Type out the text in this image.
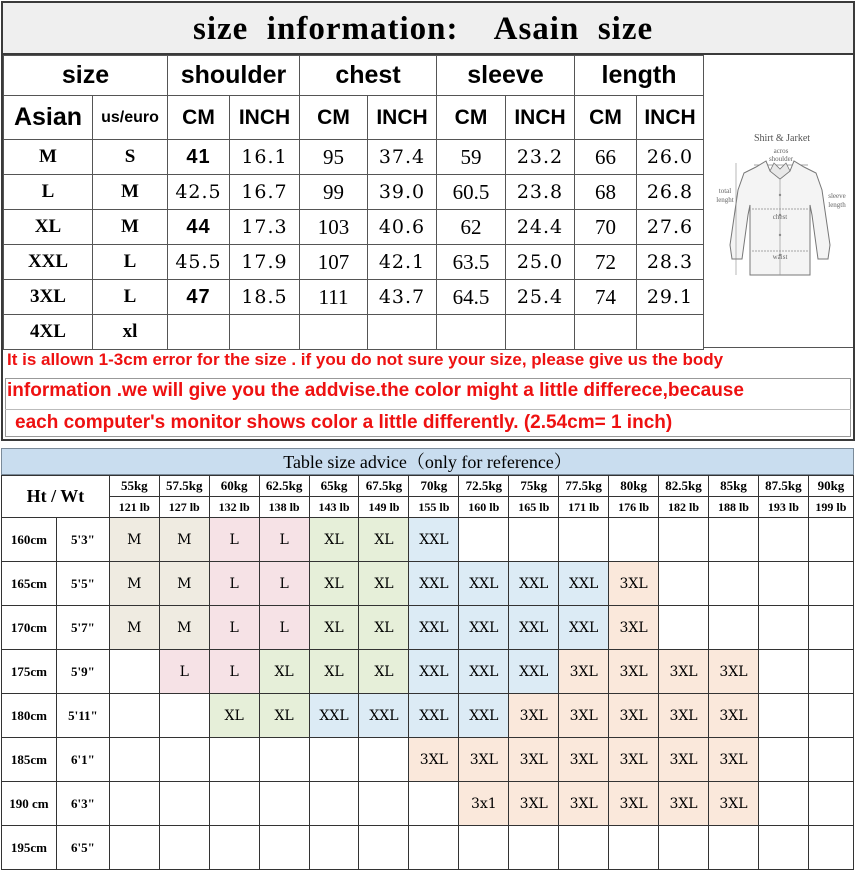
size  information:    Asain  size
size		shoulder		chest		sleeve		length	
Asian	us/euro	CM	INCH	CM	INCH	CM	INCH	CM	INCH
M	S	41	16.1	95	37.4	59	23.2	66	26.0
L	M	42.5	16.7	99	39.0	60.5	23.8	68	26.8
XL	M	44	17.3	103	40.6	62	24.4	70	27.6
XXL	L	45.5	17.9	107	42.1	63.5	25.0	72	28.3
3XL	L	47	18.5	111	43.7	64.5	25.4	74	29.1
4XL	xl								
Shirt & Jarket
acros
shoulder
chest
waist
total
lenght	sleeve
length
It is allown 1-3cm error for the size . if you do not sure your size, please give us the body
information .we will give you the addvise.the color might a little differece,because
each computer's monitor shows color a little differently. (2.54cm= 1 inch)
Table size advice（only for reference）
Ht / Wt		55kg	57.5kg	60kg	62.5kg	65kg	67.5kg	70kg	72.5kg	75kg	77.5kg	80kg	82.5kg	85kg	87.5kg	90kg
		121 lb	127 lb	132 lb	138 lb	143 lb	149 lb	155 lb	160 lb	165 lb	171 lb	176 lb	182 lb	188 lb	193 lb	199 lb
160cm	5'3"	M	M	L	L	XL	XL	XXL								
165cm	5'5"	M	M	L	L	XL	XL	XXL	XXL	XXL	XXL	3XL				
170cm	5'7"	M	M	L	L	XL	XL	XXL	XXL	XXL	XXL	3XL				
175cm	5'9"		L	L	XL	XL	XL	XXL	XXL	XXL	3XL	3XL	3XL	3XL		
180cm	5'11"			XL	XL	XXL	XXL	XXL	XXL	3XL	3XL	3XL	3XL	3XL		
185cm	6'1"							3XL	3XL	3XL	3XL	3XL	3XL	3XL		
190 cm	6'3"								3x1	3XL	3XL	3XL	3XL	3XL		
195cm	6'5"															
